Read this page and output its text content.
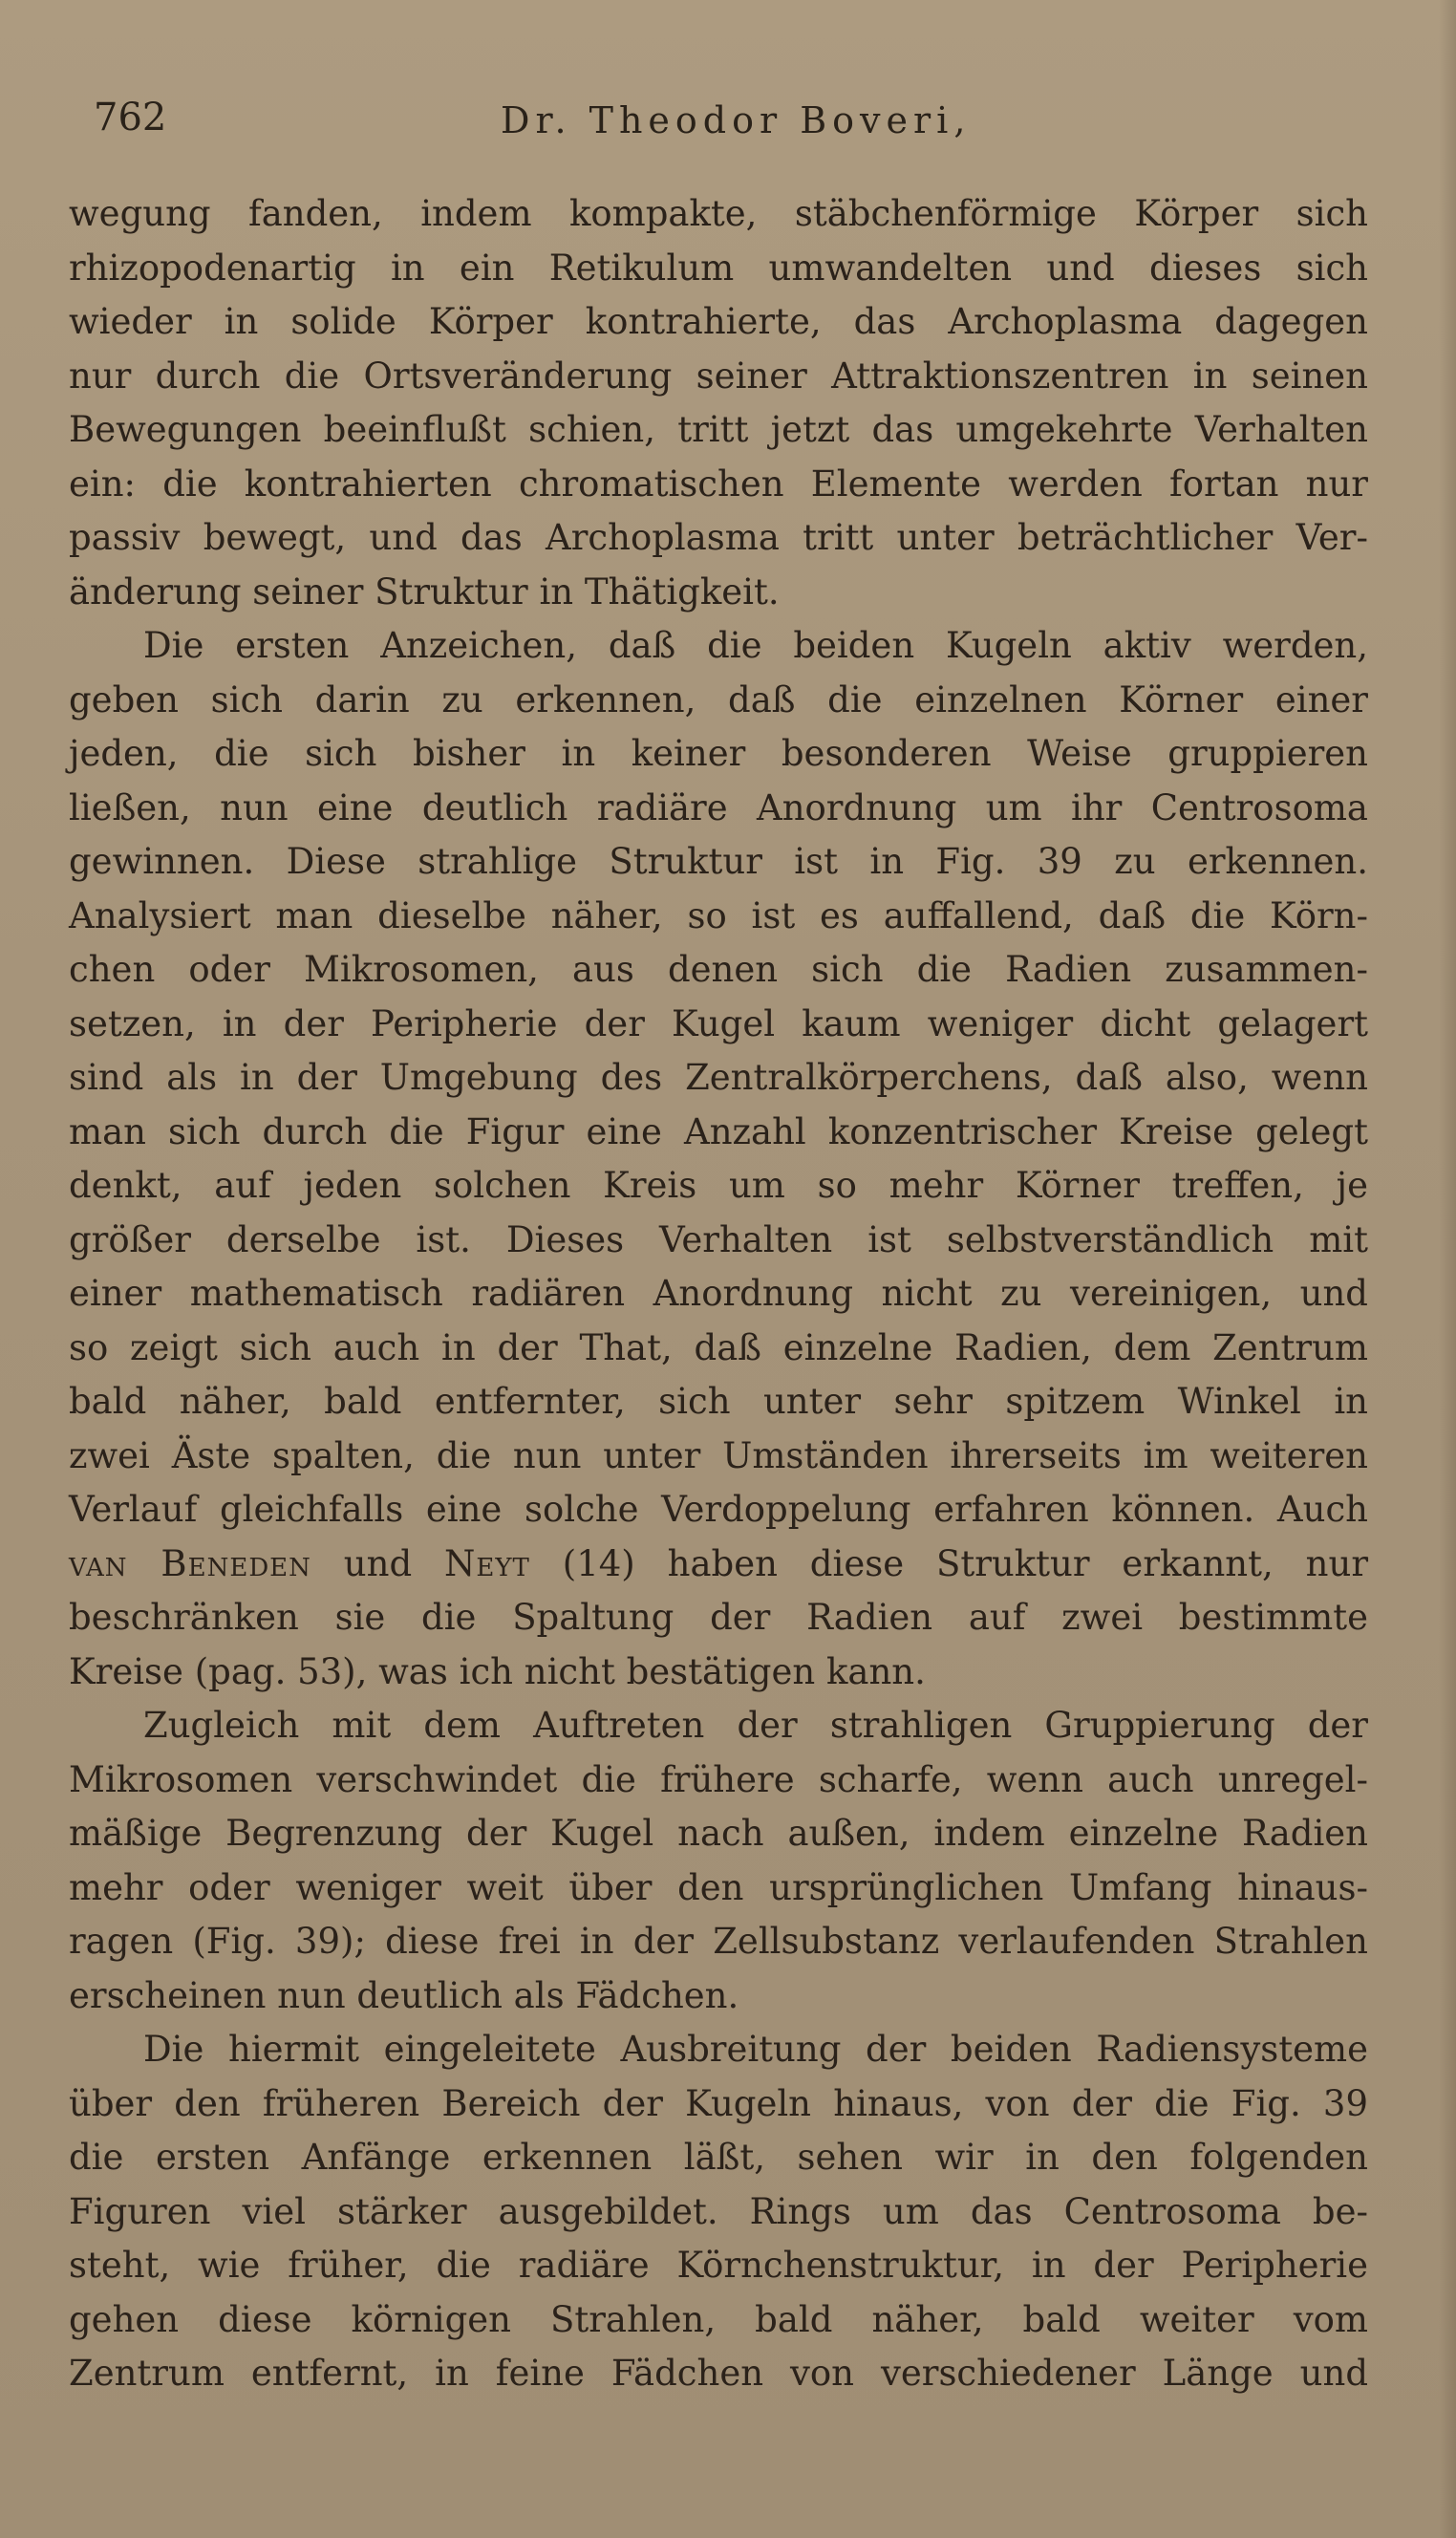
762	Dr. Theodor Boveri,
wegung fanden, indem kompakte, stäbchenförmige Körper sich
rhizopodenartig in ein Retikulum umwandelten und dieses sich
wieder in solide Körper kontrahierte, das Archoplasma dagegen
nur durch die Ortsveränderung seiner Attraktionszentren in seinen
Bewegungen beeinflußt schien, tritt jetzt das umgekehrte Verhalten
ein: die kontrahierten chromatischen Elemente werden fortan nur
passiv bewegt, und das Archoplasma tritt unter beträchtlicher Ver-
änderung seiner Struktur in Thätigkeit.
Die ersten Anzeichen, daß die beiden Kugeln aktiv werden,
geben sich darin zu erkennen, daß die einzelnen Körner einer
jeden, die sich bisher in keiner besonderen Weise gruppieren
ließen, nun eine deutlich radiäre Anordnung um ihr Centrosoma
gewinnen. Diese strahlige Struktur ist in Fig. 39 zu erkennen.
Analysiert man dieselbe näher, so ist es auffallend, daß die Körn-
chen oder Mikrosomen, aus denen sich die Radien zusammen-
setzen, in der Peripherie der Kugel kaum weniger dicht gelagert
sind als in der Umgebung des Zentralkörperchens, daß also, wenn
man sich durch die Figur eine Anzahl konzentrischer Kreise gelegt
denkt, auf jeden solchen Kreis um so mehr Körner treffen, je
größer derselbe ist. Dieses Verhalten ist selbstverständlich mit
einer mathematisch radiären Anordnung nicht zu vereinigen, und
so zeigt sich auch in der That, daß einzelne Radien, dem Zentrum
bald näher, bald entfernter, sich unter sehr spitzem Winkel in
zwei Äste spalten, die nun unter Umständen ihrerseits im weiteren
Verlauf gleichfalls eine solche Verdoppelung erfahren können. Auch
van Beneden und Neyt (14) haben diese Struktur erkannt, nur
beschränken sie die Spaltung der Radien auf zwei bestimmte
Kreise (pag. 53), was ich nicht bestätigen kann.
Zugleich mit dem Auftreten der strahligen Gruppierung der
Mikrosomen verschwindet die frühere scharfe, wenn auch unregel-
mäßige Begrenzung der Kugel nach außen, indem einzelne Radien
mehr oder weniger weit über den ursprünglichen Umfang hinaus-
ragen (Fig. 39); diese frei in der Zellsubstanz verlaufenden Strahlen
erscheinen nun deutlich als Fädchen.
Die hiermit eingeleitete Ausbreitung der beiden Radiensysteme
über den früheren Bereich der Kugeln hinaus, von der die Fig. 39
die ersten Anfänge erkennen läßt, sehen wir in den folgenden
Figuren viel stärker ausgebildet. Rings um das Centrosoma be-
steht, wie früher, die radiäre Körnchenstruktur, in der Peripherie
gehen diese körnigen Strahlen, bald näher, bald weiter vom
Zentrum entfernt, in feine Fädchen von verschiedener Länge und
